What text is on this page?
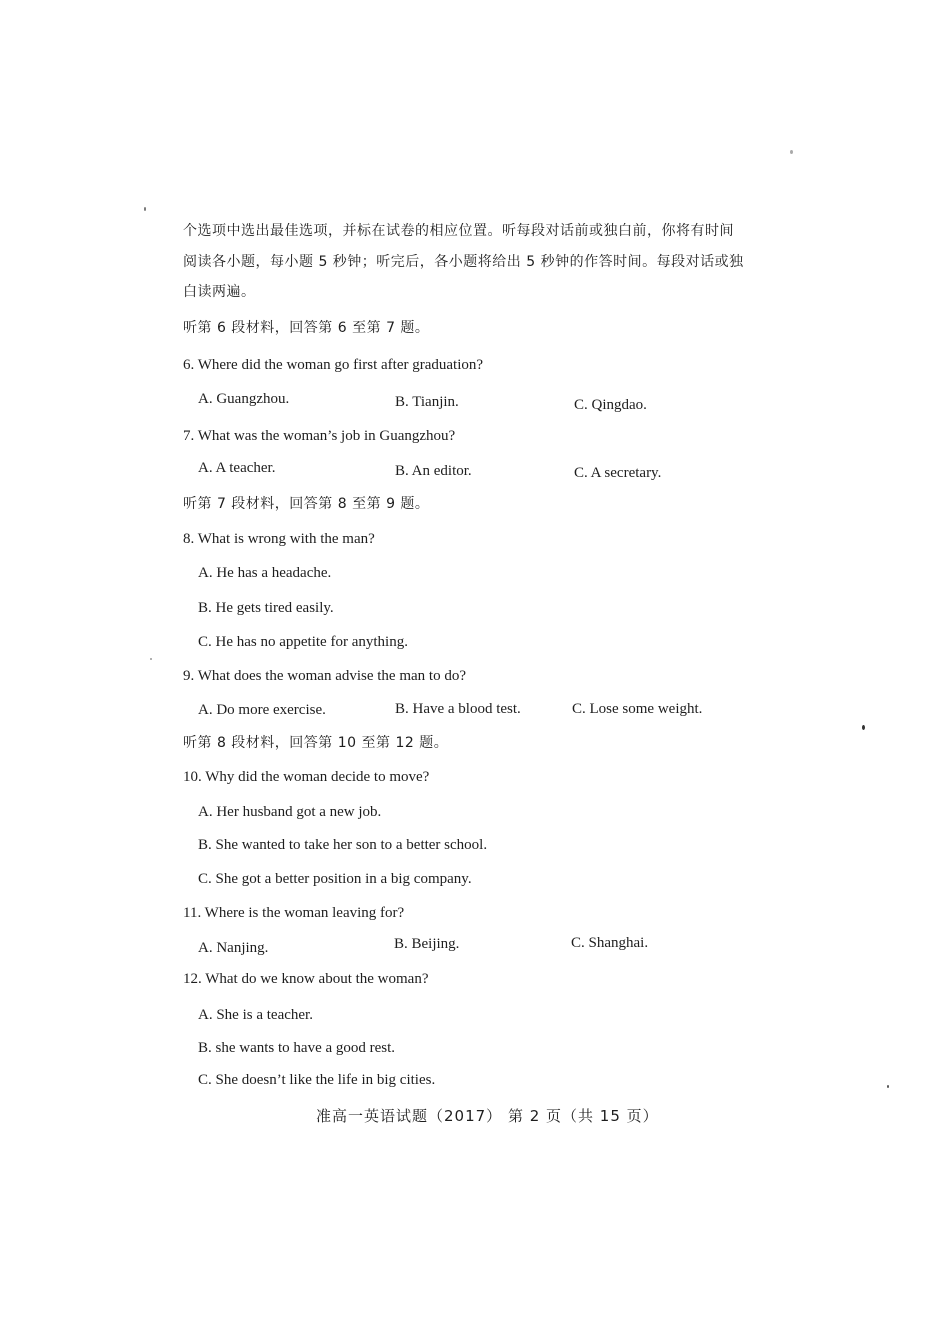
个选项中选出最佳选项，并标在试卷的相应位置。听每段对话前或独白前，你将有时间
阅读各小题，每小题 5 秒钟；听完后，各小题将给出 5 秒钟的作答时间。每段对话或独
白读两遍。
听第 6 段材料，回答第 6 至第 7 题。
6. Where did the woman go first after graduation?
A. Guangzhou.	B. Tianjin.	C. Qingdao.
7. What was the woman’s job in Guangzhou?
A. A teacher.	B. An editor.	C. A secretary.
听第 7 段材料，回答第 8 至第 9 题。
8. What is wrong with the man?
A. He has a headache.
B. He gets tired easily.
C. He has no appetite for anything.
9. What does the woman advise the man to do?
A. Do more exercise.	B. Have a blood test.	C. Lose some weight.
听第 8 段材料，回答第 10 至第 12 题。
10. Why did the woman decide to move?
A. Her husband got a new job.
B. She wanted to take her son to a better school.
C. She got a better position in a big company.
11. Where is the woman leaving for?
A. Nanjing.	B. Beijing.	C. Shanghai.
12. What do we know about the woman?
A. She is a teacher.
B. she wants to have a good rest.
C. She doesn’t like the life in big cities.
准高一英语试题（2017） 第 2 页（共 15 页）
